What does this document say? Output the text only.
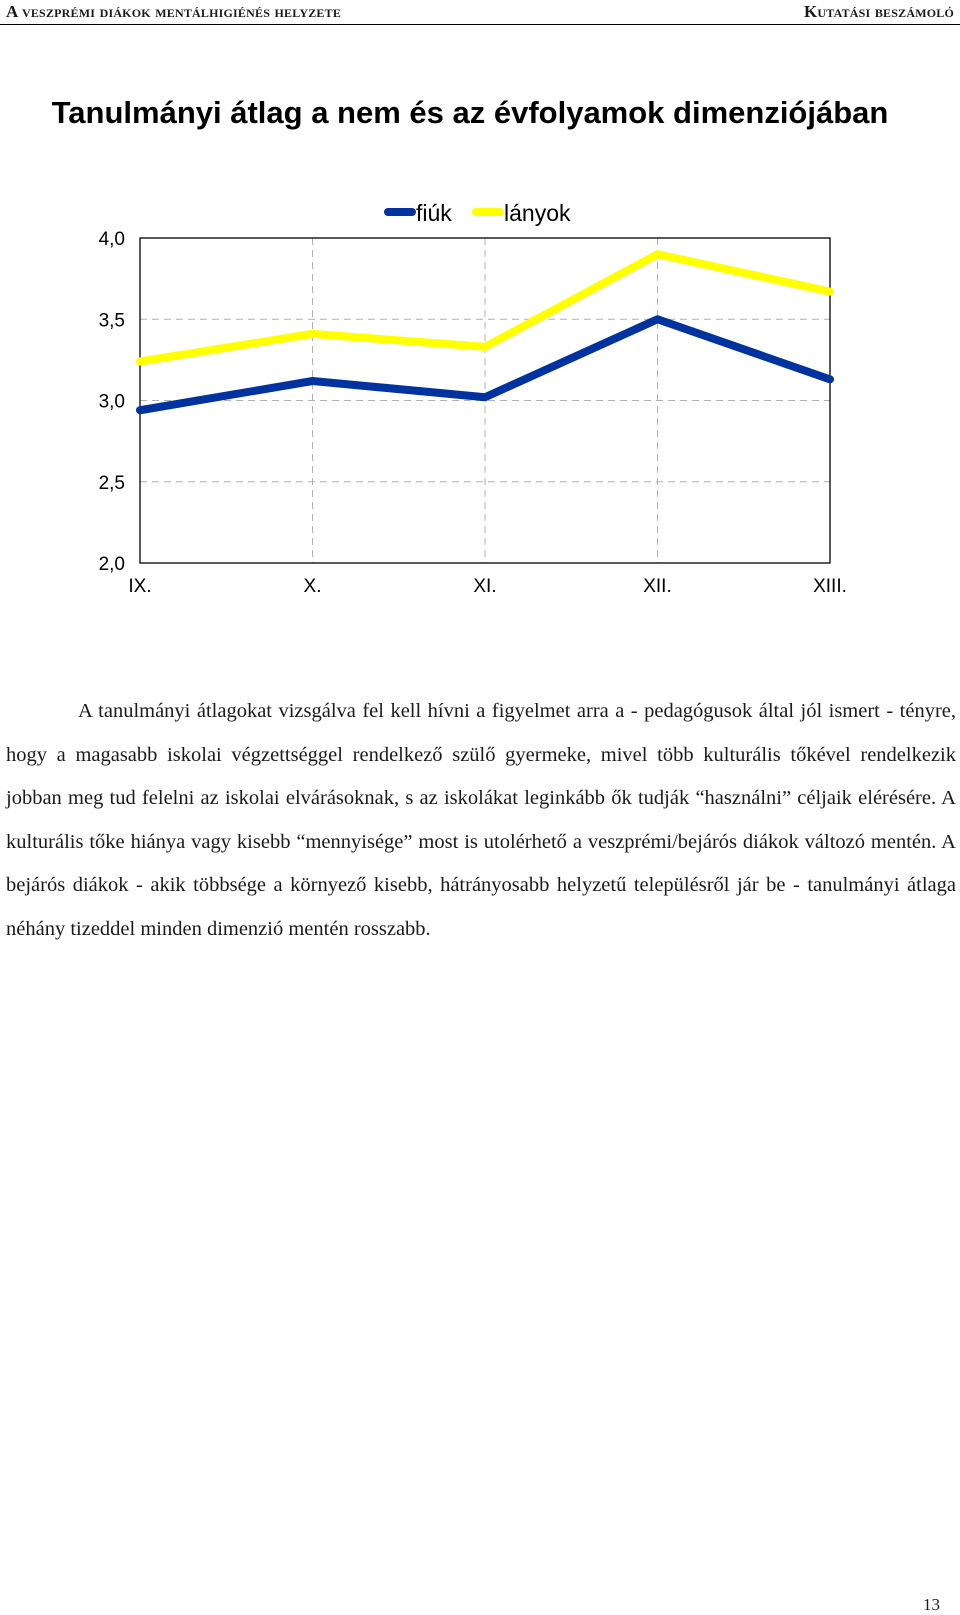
A veszprémi diákok mentálhigiénés helyzete	Kutatási beszámoló
Tanulmányi átlag a nem és az évfolyamok dimenziójában
2,0
2,5
3,0
3,5
4,0
IX.	X.	XI.	XII.	XIII.
fiúk lányok

A tanulmányi átlagokat vizsgálva fel kell hívni a figyelmet arra a - pedagógusok által jól ismert - tényre, hogy a magasabb iskolai végzettséggel rendelkező szülő gyermeke, mivel több kulturális tőkével rendelkezik jobban meg tud felelni az iskolai elvárásoknak, s az iskolákat leginkább ők tudják “használni” céljaik elérésére. A kulturális tőke hiánya vagy kisebb “mennyisége” most is utolérhető a veszprémi/bejárós diákok változó mentén. A bejárós diákok - akik többsége a környező kisebb, hátrányosabb helyzetű településről jár be - tanulmányi átlaga néhány tizeddel minden dimenzió mentén rosszabb.

13
